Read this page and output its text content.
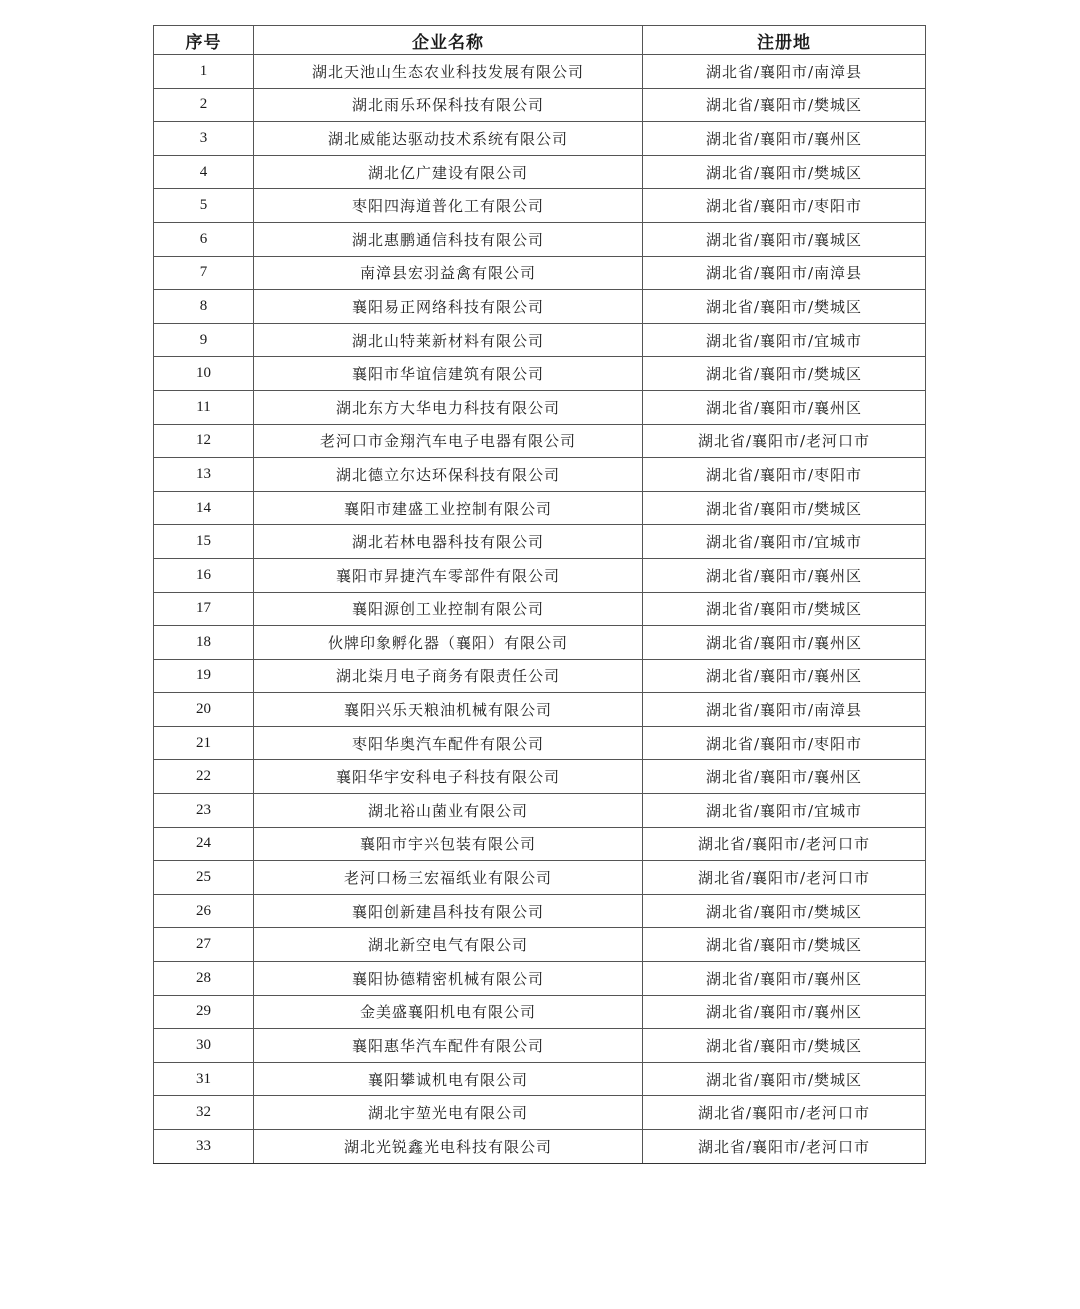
序号	企业名称	注册地
1	湖北天池山生态农业科技发展有限公司	湖北省/襄阳市/南漳县
2	湖北雨乐环保科技有限公司	湖北省/襄阳市/樊城区
3	湖北威能达驱动技术系统有限公司	湖北省/襄阳市/襄州区
4	湖北亿广建设有限公司	湖北省/襄阳市/樊城区
5	枣阳四海道普化工有限公司	湖北省/襄阳市/枣阳市
6	湖北惠鹏通信科技有限公司	湖北省/襄阳市/襄城区
7	南漳县宏羽益禽有限公司	湖北省/襄阳市/南漳县
8	襄阳易正网络科技有限公司	湖北省/襄阳市/樊城区
9	湖北山特莱新材料有限公司	湖北省/襄阳市/宜城市
10	襄阳市华谊信建筑有限公司	湖北省/襄阳市/樊城区
11	湖北东方大华电力科技有限公司	湖北省/襄阳市/襄州区
12	老河口市金翔汽车电子电器有限公司	湖北省/襄阳市/老河口市
13	湖北德立尔达环保科技有限公司	湖北省/襄阳市/枣阳市
14	襄阳市建盛工业控制有限公司	湖北省/襄阳市/樊城区
15	湖北若林电器科技有限公司	湖北省/襄阳市/宜城市
16	襄阳市昇捷汽车零部件有限公司	湖北省/襄阳市/襄州区
17	襄阳源创工业控制有限公司	湖北省/襄阳市/樊城区
18	伙牌印象孵化器（襄阳）有限公司	湖北省/襄阳市/襄州区
19	湖北柒月电子商务有限责任公司	湖北省/襄阳市/襄州区
20	襄阳兴乐天粮油机械有限公司	湖北省/襄阳市/南漳县
21	枣阳华奥汽车配件有限公司	湖北省/襄阳市/枣阳市
22	襄阳华宇安科电子科技有限公司	湖北省/襄阳市/襄州区
23	湖北裕山菌业有限公司	湖北省/襄阳市/宜城市
24	襄阳市宇兴包装有限公司	湖北省/襄阳市/老河口市
25	老河口杨三宏福纸业有限公司	湖北省/襄阳市/老河口市
26	襄阳创新建昌科技有限公司	湖北省/襄阳市/樊城区
27	湖北新空电气有限公司	湖北省/襄阳市/樊城区
28	襄阳协德精密机械有限公司	湖北省/襄阳市/襄州区
29	金美盛襄阳机电有限公司	湖北省/襄阳市/襄州区
30	襄阳惠华汽车配件有限公司	湖北省/襄阳市/樊城区
31	襄阳攀诚机电有限公司	湖北省/襄阳市/樊城区
32	湖北宇堃光电有限公司	湖北省/襄阳市/老河口市
33	湖北光锐鑫光电科技有限公司	湖北省/襄阳市/老河口市
